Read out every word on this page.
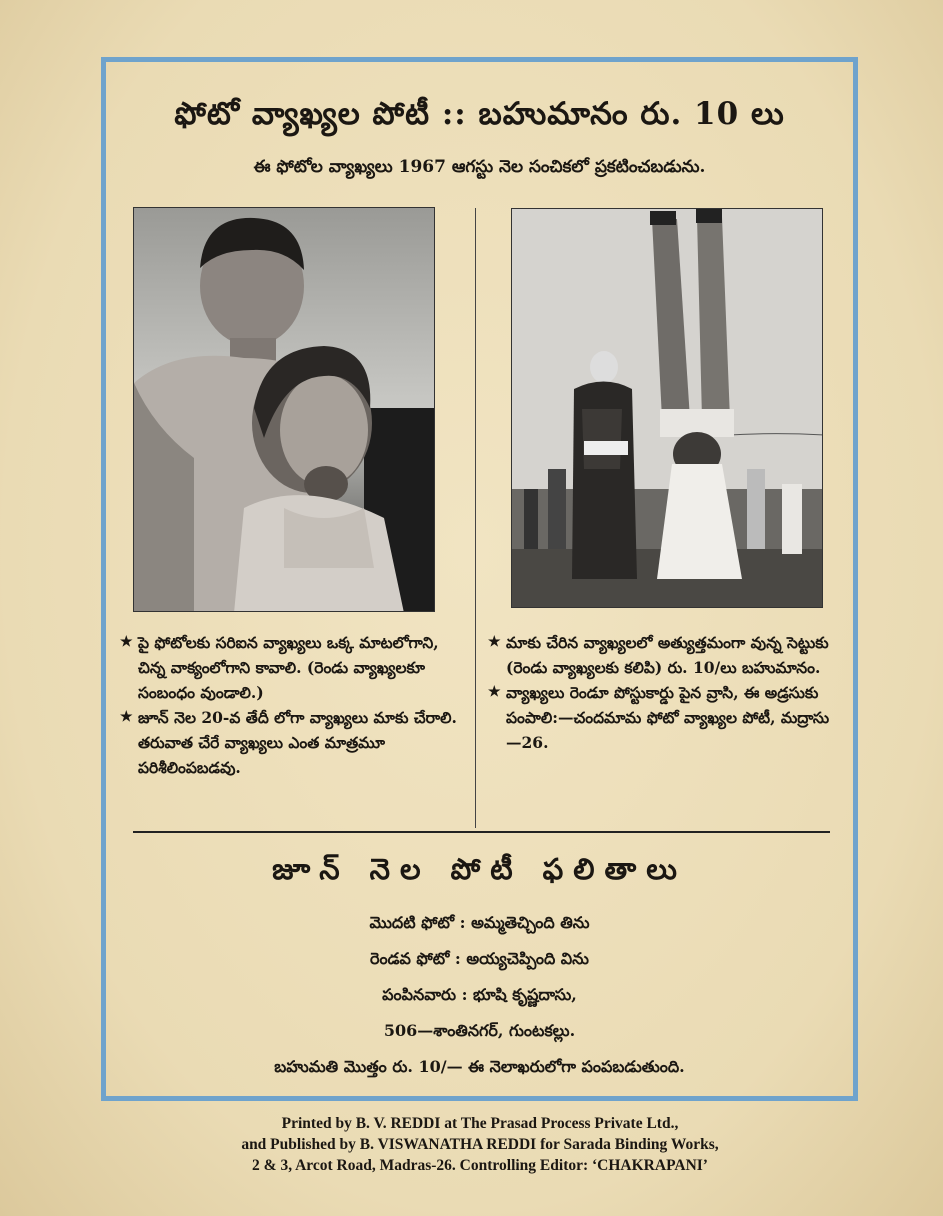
ఫోటో వ్యాఖ్యల పోటీ :: బహుమానం రు. 10 లు
ఈ ఫోటోల వ్యాఖ్యలు 1967 ఆగస్టు నెల సంచికలో ప్రకటించబడును.
★ పై ఫోటోలకు సరిఐన వ్యాఖ్యలు ఒక్క మాటలోగాని, చిన్న వాక్యంలోగాని కావాలి. (రెండు వ్యాఖ్యలకూ సంబంధం వుండాలి.)
★ జూన్ నెల 20-వ తేదీ లోగా వ్యాఖ్యలు మాకు చేరాలి. తరువాత చేరే వ్యాఖ్యలు ఎంత మాత్రమూ పరిశీలింపబడవు.
★ మాకు చేరిన వ్యాఖ్యలలో అత్యుత్తమంగా వున్న సెట్టుకు (రెండు వ్యాఖ్యలకు కలిపి) రు. 10/లు బహుమానం.
★ వ్యాఖ్యలు రెండూ పోస్టుకార్డు పైన వ్రాసి, ఈ అడ్రసుకు పంపాలి:—చందమామ ఫోటో వ్యాఖ్యల పోటీ, మద్రాసు—26.
జూన్ నెల పోటీ ఫలితాలు
మొదటి ఫోటో : అమ్మతెచ్చింది తిను
రెండవ ఫోటో : అయ్యచెప్పింది విను
పంపినవారు : భూషి కృష్ణదాసు,
506—శాంతినగర్, గుంటకల్లు.
బహుమతి మొత్తం రు. 10/— ఈ నెలాఖరులోగా పంపబడుతుంది.
Printed by B. V. REDDI at The Prasad Process Private Ltd.,
and Published by B. VISWANATHA REDDI for Sarada Binding Works,
2 & 3, Arcot Road, Madras-26. Controlling Editor: ‘CHAKRAPANI’
